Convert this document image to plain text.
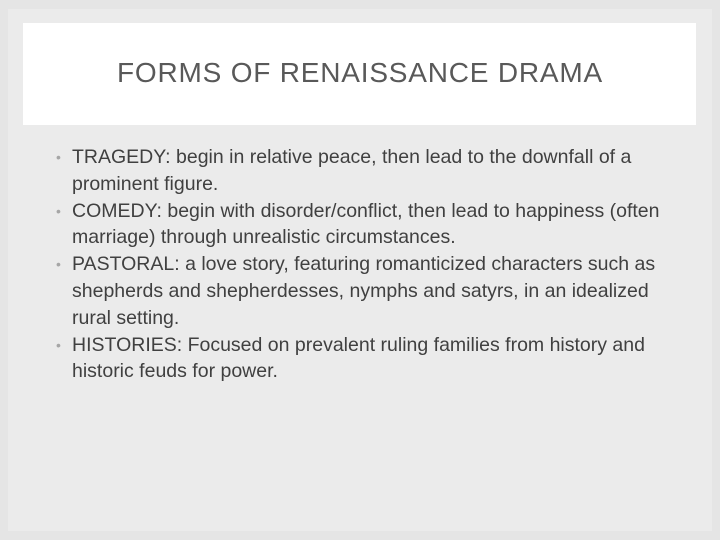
FORMS OF RENAISSANCE DRAMA
• TRAGEDY: begin in relative peace, then lead to the downfall of a prominent figure.
• COMEDY: begin with disorder/conflict, then lead to happiness (often marriage) through unrealistic circumstances.
• PASTORAL: a love story, featuring romanticized characters such as shepherds and shepherdesses, nymphs and satyrs, in an idealized rural setting.
• HISTORIES: Focused on prevalent ruling families from history and historic feuds for power.
